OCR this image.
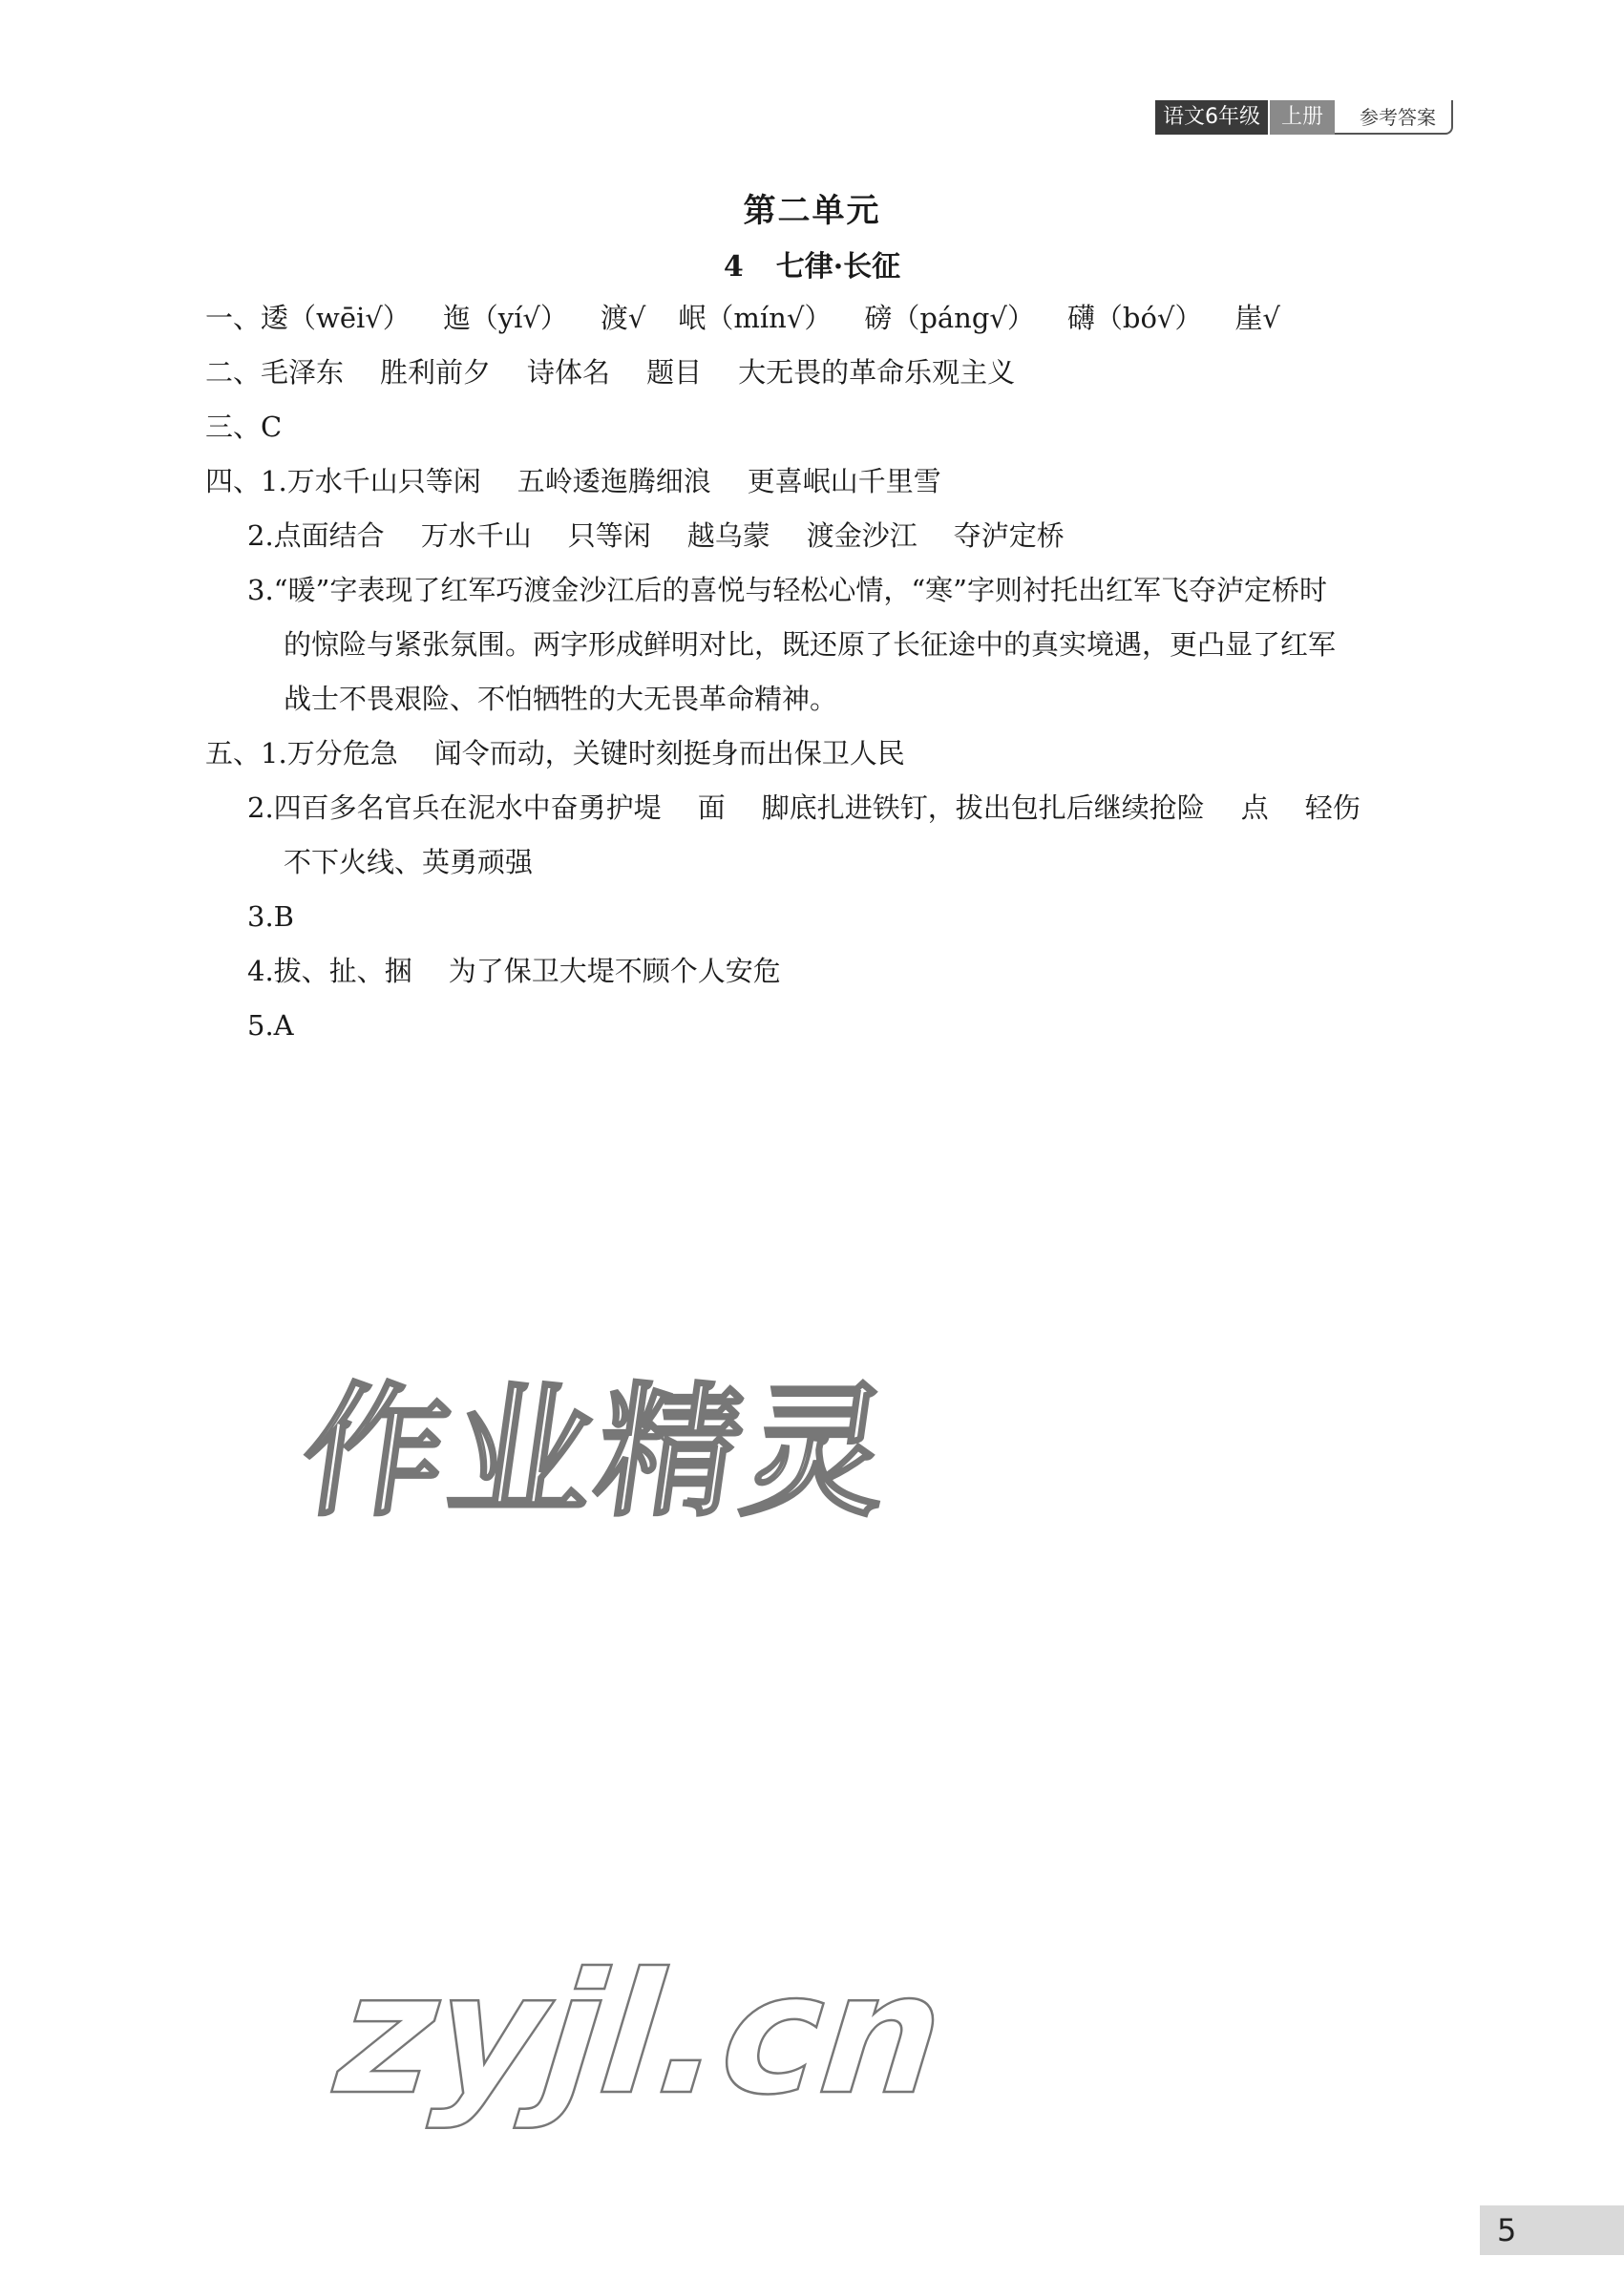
语文6年级	上册	参考答案
第二单元
4 七律·长征
一、逶（wēi√） 迤（yí√） 渡√ 岷（mín√） 磅（páng√） 礴（bó√） 崖√
二、毛泽东 胜利前夕 诗体名 题目 大无畏的革命乐观主义
三、C
四、1.万水千山只等闲 五岭逶迤腾细浪 更喜岷山千里雪
2.点面结合 万水千山 只等闲 越乌蒙 渡金沙江 夺泸定桥
3.“暖”字表现了红军巧渡金沙江后的喜悦与轻松心情，“寒”字则衬托出红军飞夺泸定桥时
的惊险与紧张氛围。两字形成鲜明对比，既还原了长征途中的真实境遇，更凸显了红军
战士不畏艰险、不怕牺牲的大无畏革命精神。
五、1.万分危急 闻令而动，关键时刻挺身而出保卫人民
2.四百多名官兵在泥水中奋勇护堤 面 脚底扎进铁钉，拔出包扎后继续抢险 点 轻伤
不下火线、英勇顽强
3.B
4.拔、扯、捆 为了保卫大堤不顾个人安危
5.A
作业精灵
zyjl.cn
5
